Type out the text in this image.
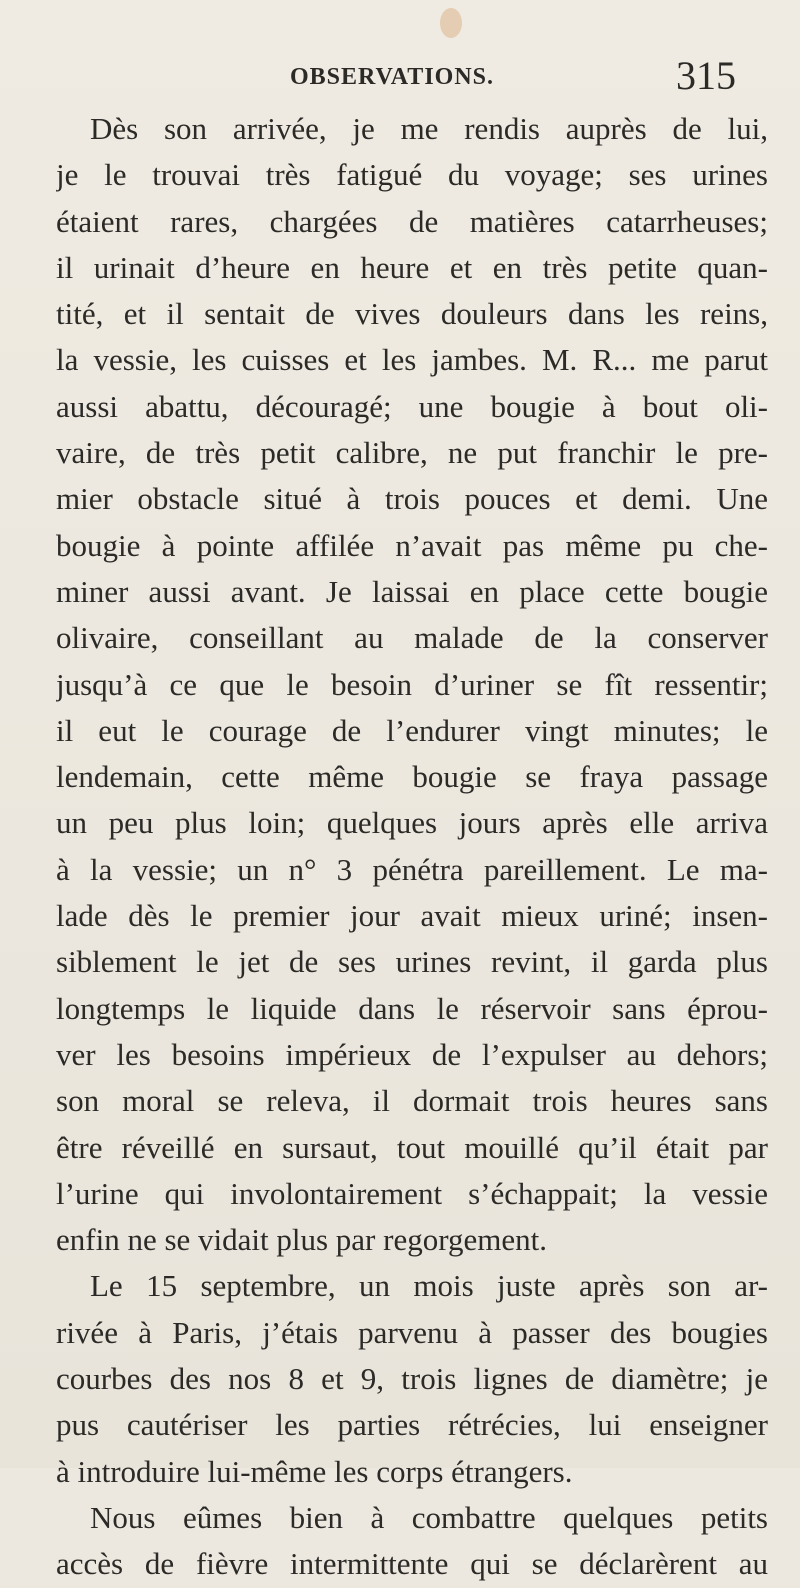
OBSERVATIONS.	315
Dès son arrivée, je me rendis auprès de lui,
je le trouvai très fatigué du voyage; ses urines
étaient rares, chargées de matières catarrheuses;
il urinait d’heure en heure et en très petite quan-
tité, et il sentait de vives douleurs dans les reins,
la vessie, les cuisses et les jambes. M. R... me parut
aussi abattu, découragé; une bougie à bout oli-
vaire, de très petit calibre, ne put franchir le pre-
mier obstacle situé à trois pouces et demi. Une
bougie à pointe affilée n’avait pas même pu che-
miner aussi avant. Je laissai en place cette bougie
olivaire, conseillant au malade de la conserver
jusqu’à ce que le besoin d’uriner se fît ressentir;
il eut le courage de l’endurer vingt minutes; le
lendemain, cette même bougie se fraya passage
un peu plus loin; quelques jours après elle arriva
à la vessie; un n° 3 pénétra pareillement. Le ma-
lade dès le premier jour avait mieux uriné; insen-
siblement le jet de ses urines revint, il garda plus
longtemps le liquide dans le réservoir sans éprou-
ver les besoins impérieux de l’expulser au dehors;
son moral se releva, il dormait trois heures sans
être réveillé en sursaut, tout mouillé qu’il était par
l’urine qui involontairement s’échappait; la vessie
enfin ne se vidait plus par regorgement.
Le 15 septembre, un mois juste après son ar-
rivée à Paris, j’étais parvenu à passer des bougies
courbes des nos 8 et 9, trois lignes de diamètre; je
pus cautériser les parties rétrécies, lui enseigner
à introduire lui-même les corps étrangers.
Nous eûmes bien à combattre quelques petits
accès de fièvre intermittente qui se déclarèrent au
